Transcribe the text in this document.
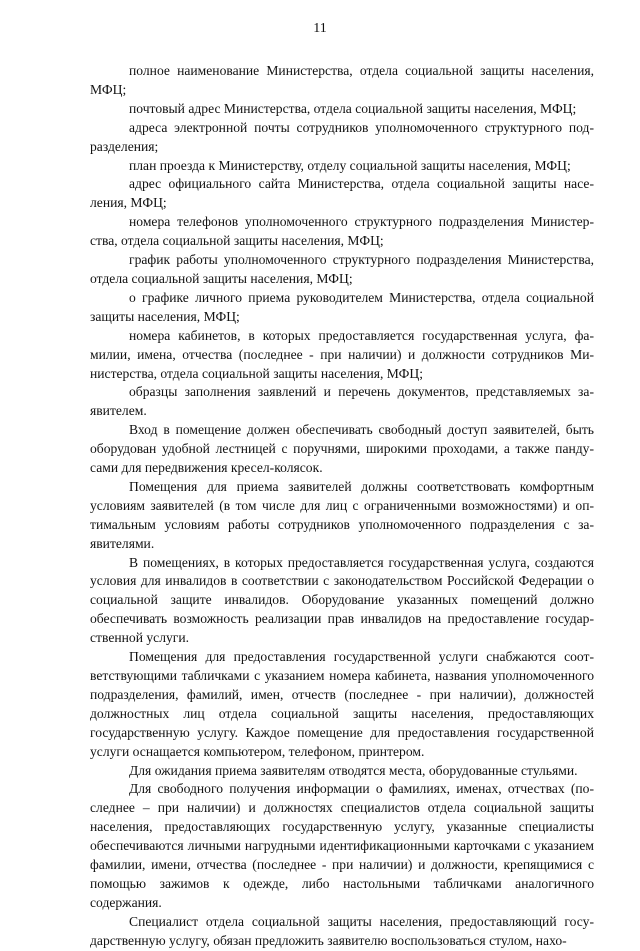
11

полное наименование Министерства, отдела социальной защиты населения, МФЦ;

почтовый адрес Министерства, отдела социальной защиты населения, МФЦ;

адреса электронной почты сотрудников уполномоченного структурного подразделения;

план проезда к Министерству, отделу социальной защиты населения, МФЦ;

адрес официального сайта Министерства, отдела социальной защиты населения, МФЦ;

номера телефонов уполномоченного структурного подразделения Министерства, отдела социальной защиты населения, МФЦ;

график работы уполномоченного структурного подразделения Министерства, отдела социальной защиты населения, МФЦ;

о графике личного приема руководителем Министерства, отдела социальной защиты населения, МФЦ;

номера кабинетов, в которых предоставляется государственная услуга, фамилии, имена, отчества (последнее - при наличии) и должности сотрудников Министерства, отдела социальной защиты населения, МФЦ;

образцы заполнения заявлений и перечень документов, представляемых заявителем.

Вход в помещение должен обеспечивать свободный доступ заявителей, быть оборудован удобной лестницей с поручнями, широкими проходами, а также пандусами для передвижения кресел-колясок.

Помещения для приема заявителей должны соответствовать комфортным условиям заявителей (в том числе для лиц с ограниченными возможностями) и оптимальным условиям работы сотрудников уполномоченного подразделения с заявителями.

В помещениях, в которых предоставляется государственная услуга, создаются условия для инвалидов в соответствии с законодательством Российской Федерации о социальной защите инвалидов. Оборудование указанных помещений должно обеспечивать возможность реализации прав инвалидов на предоставление государственной услуги.

Помещения для предоставления государственной услуги снабжаются соответствующими табличками с указанием номера кабинета, названия уполномоченного подразделения, фамилий, имен, отчеств (последнее - при наличии), должностей должностных лиц отдела социальной защиты населения, предоставляющих государственную услугу. Каждое помещение для предоставления государственной услуги оснащается компьютером, телефоном, принтером.

Для ожидания приема заявителям отводятся места, оборудованные стульями.

Для свободного получения информации о фамилиях, именах, отчествах (последнее – при наличии) и должностях специалистов отдела социальной защиты населения, предоставляющих государственную услугу, указанные специалисты обеспечиваются личными нагрудными идентификационными карточками с указанием фамилии, имени, отчества (последнее - при наличии) и должности, крепящимися с помощью зажимов к одежде, либо настольными табличками аналогичного содержания.

Специалист отдела социальной защиты населения, предоставляющий государственную услугу, обязан предложить заявителю воспользоваться стулом, нахо-
